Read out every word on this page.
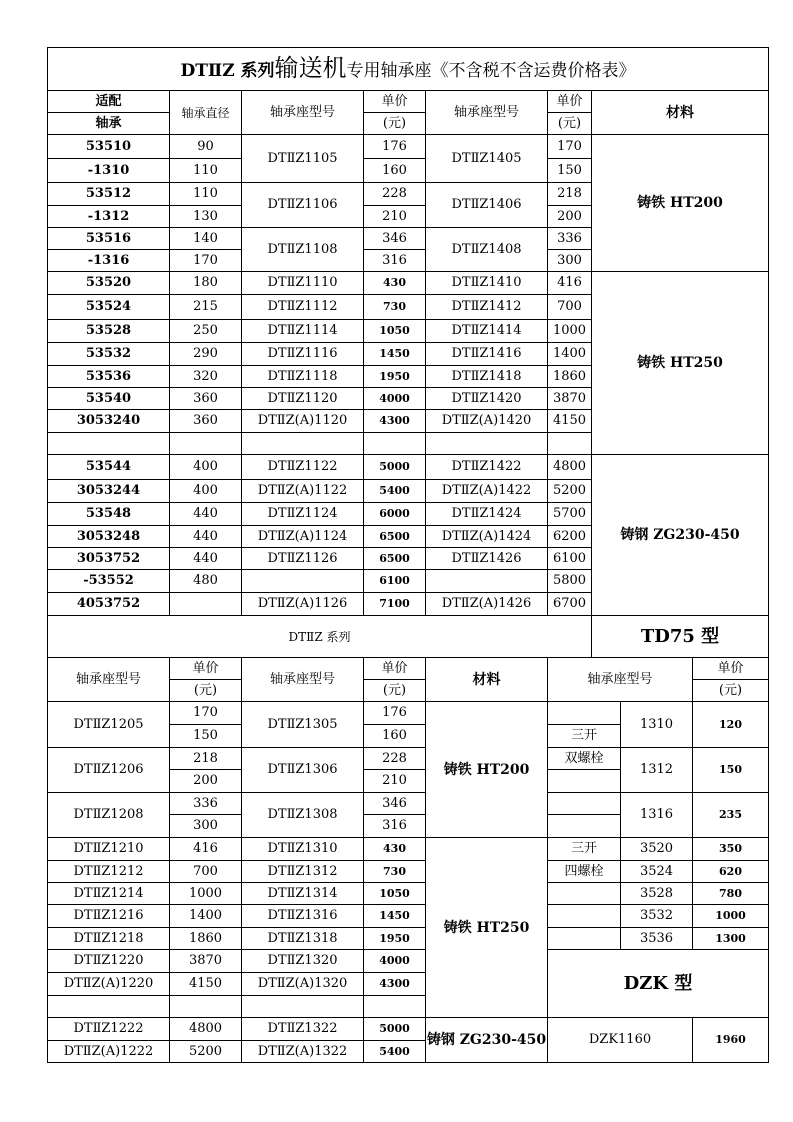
DTⅡZ 系列输送机专用轴承座《不含税不含运费价格表》								
适配	轴承直径	轴承座型号	单价	轴承座型号	单价	材料		
轴承			(元)		(元)			
53510	90	DTⅡZ1105	176	DTⅡZ1405	170	铸铁 HT200		
-1310	110		160		150			
53512	110	DTⅡZ1106	228	DTⅡZ1406	218			
-1312	130		210		200			
53516	140	DTⅡZ1108	346	DTⅡZ1408	336			
-1316	170		316		300			
53520	180	DTⅡZ1110	430	DTⅡZ1410	416	铸铁 HT250		
53524	215	DTⅡZ1112	730	DTⅡZ1412	700			
53528	250	DTⅡZ1114	1050	DTⅡZ1414	1000			
53532	290	DTⅡZ1116	1450	DTⅡZ1416	1400			
53536	320	DTⅡZ1118	1950	DTⅡZ1418	1860			
53540	360	DTⅡZ1120	4000	DTⅡZ1420	3870			
3053240	360	DTⅡZ(A)1120	4300	DTⅡZ(A)1420	4150			

53544	400	DTⅡZ1122	5000	DTⅡZ1422	4800	铸钢 ZG230-450		
3053244	400	DTⅡZ(A)1122	5400	DTⅡZ(A)1422	5200			
53548	440	DTⅡZ1124	6000	DTⅡZ1424	5700			
3053248	440	DTⅡZ(A)1124	6500	DTⅡZ(A)1424	6200			
3053752	440	DTⅡZ1126	6500	DTⅡZ1426	6100			
-53552	480		6100		5800			
4053752		DTⅡZ(A)1126	7100	DTⅡZ(A)1426	6700			
DTⅡZ 系列						TD75 型		
轴承座型号	单价	轴承座型号	单价	材料	轴承座型号			单价
	(元)		(元)					(元)
DTⅡZ1205	170	DTⅡZ1305	176	铸铁 HT200			1310	120
	150		160		三开			
DTⅡZ1206	218	DTⅡZ1306	228		双螺栓		1312	150
	200		210					
DTⅡZ1208	336	DTⅡZ1308	346				1316	235
	300		316					
DTⅡZ1210	416	DTⅡZ1310	430	铸铁 HT250	三开		3520	350
DTⅡZ1212	700	DTⅡZ1312	730		四螺栓		3524	620
DTⅡZ1214	1000	DTⅡZ1314	1050				3528	780
DTⅡZ1216	1400	DTⅡZ1316	1450				3532	1000
DTⅡZ1218	1860	DTⅡZ1318	1950				3536	1300
DTⅡZ1220	3870	DTⅡZ1320	4000		DZK 型			
DTⅡZ(A)1220	4150	DTⅡZ(A)1320	4300					

DTⅡZ1222	4800	DTⅡZ1322	5000	铸钢 ZG230-450	DZK1160			1960
DTⅡZ(A)1222	5200	DTⅡZ(A)1322	5400					
